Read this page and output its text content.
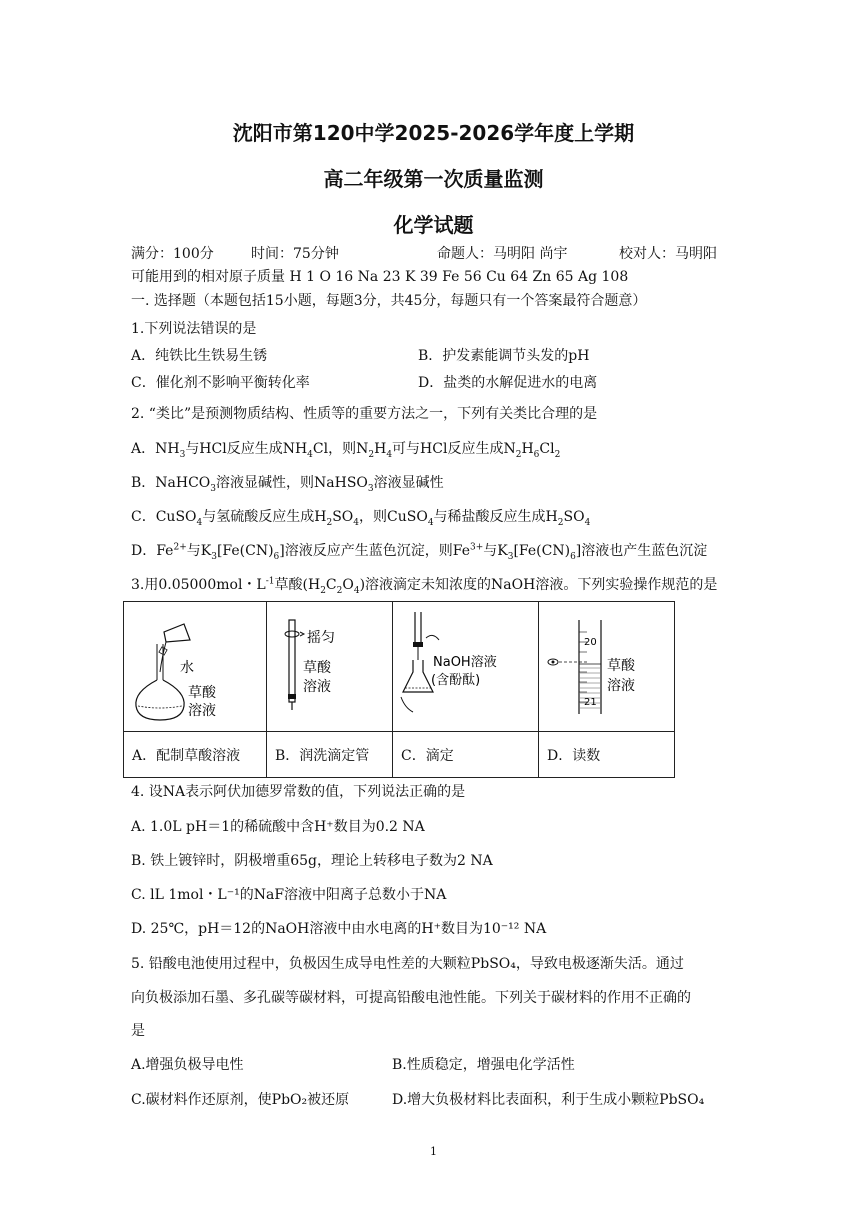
沈阳市第120中学2025-2026学年度上学期
高二年级第一次质量监测
化学试题
满分：100分	时间：75分钟	命题人：马明阳 尚宇	校对人：马明阳
可能用到的相对原子质量 H 1 O 16 Na 23 K 39 Fe 56 Cu 64 Zn 65 Ag 108
一. 选择题（本题包括15小题，每题3分，共45分，每题只有一个答案最符合题意）
1.下列说法错误的是
A．纯铁比生铁易生锈	B．护发素能调节头发的pH
C．催化剂不影响平衡转化率	D．盐类的水解促进水的电离
2. “类比”是预测物质结构、性质等的重要方法之一，下列有关类比合理的是
A．$NH_3$与HCl反应生成$NH_4Cl$，则$N_2H_4$可与HCl反应生成$N_2H_6Cl_2$
B．NaHCO$_3$溶液显碱性，则NaHSO$_3$溶液显碱性
C．CuSO$_4$与氢硫酸反应生成$H_2SO_4$，则CuSO$_4$与稀盐酸反应生成$H_2SO_4$
D．$Fe^{2+}$与$K_3[Fe(CN)_6]$溶液反应产生蓝色沉淀，则$Fe^{3+}$与$K_3[Fe(CN)_6]$溶液也产生蓝色沉淀
3.用0.05000mol・$L^{-1}$草酸$(H_2C_2O_4)$溶液滴定未知浓度的NaOH溶液。下列实验操作规范的是
水
草酸
溶液	摇匀
草酸
溶液	NaOH溶液
(含酚酞)	20
21
草酸
溶液

A．配制草酸溶液	B．润洗滴定管	C．滴定	D．读数
4. 设NA表示阿伏加德罗常数的值，下列说法正确的是
A. 1.0L pH＝1的稀硫酸中含H⁺数目为0.2 NA
B. 铁上镀锌时，阴极增重65g，理论上转移电子数为2 NA
C. lL 1mol・L⁻¹的NaF溶液中阳离子总数小于NA
D. 25℃，pH＝12的NaOH溶液中由水电离的H⁺数目为10⁻¹² NA
5. 铅酸电池使用过程中，负极因生成导电性差的大颗粒PbSO₄，导致电极逐渐失活。通过
向负极添加石墨、多孔碳等碳材料，可提高铅酸电池性能。下列关于碳材料的作用不正确的
是
A.增强负极导电性	B.性质稳定，增强电化学活性
C.碳材料作还原剂，使PbO₂被还原	D.增大负极材料比表面积，利于生成小颗粒PbSO₄
1
